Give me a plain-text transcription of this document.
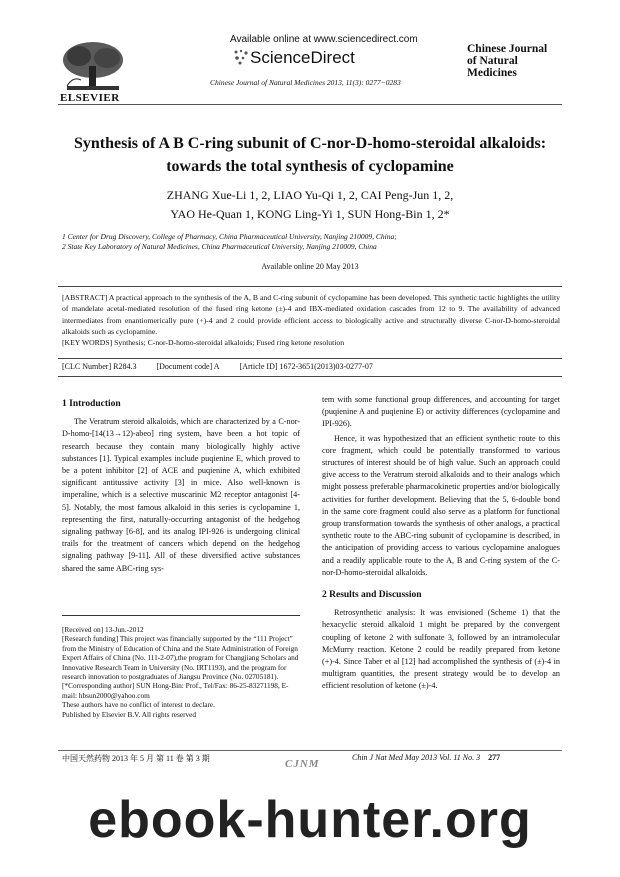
ELSEVIER
Available online at www.sciencedirect.com
ScienceDirect
Chinese Journal of Natural Medicines 2013, 11(3): 0277−0283
Chinese Journal of Natural Medicines
Synthesis of A B C-ring subunit of C-nor-D-homo-steroidal alkaloids: towards the total synthesis of cyclopamine
ZHANG Xue-Li 1, 2, LIAO Yu-Qi 1, 2, CAI Peng-Jun 1, 2,
YAO He-Quan 1, KONG Ling-Yi 1, SUN Hong-Bin 1, 2*
1 Center for Drug Discovery, College of Pharmacy, China Pharmaceutical University, Nanjing 210009, China;
2 State Key Laboratory of Natural Medicines, China Pharmaceutical University, Nanjing 210009, China
Available online 20 May 2013
[ABSTRACT] A practical approach to the synthesis of the A, B and C-ring subunit of cyclopamine has been developed. This synthetic tactic highlights the utility of mandelate acetal-mediated resolution of the fused ring ketone (±)-4 and IBX-mediated oxidation cascades from 12 to 9. The availability of advanced intermediates from enantiomerically pure (+)-4 and 2 could provide efficient access to biologically active and structurally diverse C-nor-D-homo-steroidal alkaloids such as cyclopamine.
[KEY WORDS] Synthesis; C-nor-D-homo-steroidal alkaloids; Fused ring ketone resolution
[CLC Number] R284.3	[Document code] A	[Article ID] 1672-3651(2013)03-0277-07
1 Introduction

The Veratrum steroid alkaloids, which are characterized by a C-nor-D-homo-[14(13→12)-abeo] ring system, have been a hot topic of research because they contain many biologically highly active substances [1]. Typical examples include puqienine E, which proved to be a potent inhibitor [2] of ACE and puqienine A, which exhibited significant antitussive activity [3] in mice. Also well-known is imperaline, which is a selective muscarinic M2 receptor antagonist [4-5]. Notably, the most famous alkaloid in this series is cyclopamine 1, representing the first, naturally-occurring antagonist of the hedgehog signaling pathway [6-8], and its analog IPI-926 is undergoing clinical trails for the treatment of cancers which depend on the hedgehog signaling pathway [9-11]. All of these diversified active substances shared the same ABC-ring sys-

[Received on] 13-Jun.-2012
[Research funding] This project was financially supported by the “111 Project” from the Ministry of Education of China and the State Administration of Foreign Expert Affairs of China (No. 111-2-07),the program for Changjiang Scholars and Innovative Research Team in University (No. IRT1193), and the program for research innovation to postgraduates of Jiangsu Province (No. 02705181).
[*Corresponding author] SUN Hong-Bin: Prof., Tel/Fax: 86-25-83271198, E-mail: hbsun2000@yahoo.com
These authors have no conflict of interest to declare.
Published by Elsevier B.V. All rights reserved

tem with some functional group differences, and accounting for target (puqienine A and puqienine E) or activity differences (cyclopamine and IPI-926).

Hence, it was hypothesized that an efficient synthetic route to this core fragment, which could be potentially transformed to various structures of interest should be of high value. Such an approach could give access to the Veratrum steroid alkaloids and to their analogs which might possess preferable pharmacokinetic properties and/or biologically activities for further development. Believing that the 5, 6-double bond in the same core fragment could also serve as a platform for functional group transformation towards the synthesis of other analogs, a practical synthetic route to the ABC-ring subunit of cyclopamine is described, in the anticipation of providing access to various cyclopamine analogues and a readily applicable route to the A, B and C-ring system of the C-nor-D-homo-steroidal alkaloids.

2 Results and Discussion

Retrosynthetic analysis: It was envisioned (Scheme 1) that the hexacyclic steroid alkaloid 1 might be prepared by the convergent coupling of ketone 2 with sulfonate 3, followed by an intramolecular McMurry reaction. Ketone 2 could be readily prepared from ketone (+)-4. Since Taber et al [12] had accomplished the synthesis of (±)-4 in multigram quantities, the present strategy would be to develop an efficient resolution of ketone (±)-4.

中国天然药物 2013 年 5 月 第 11 卷 第 3 期	CJNM
Chin J Nat Med May 2013 Vol. 11 No. 3 277
ebook-hunter.org
